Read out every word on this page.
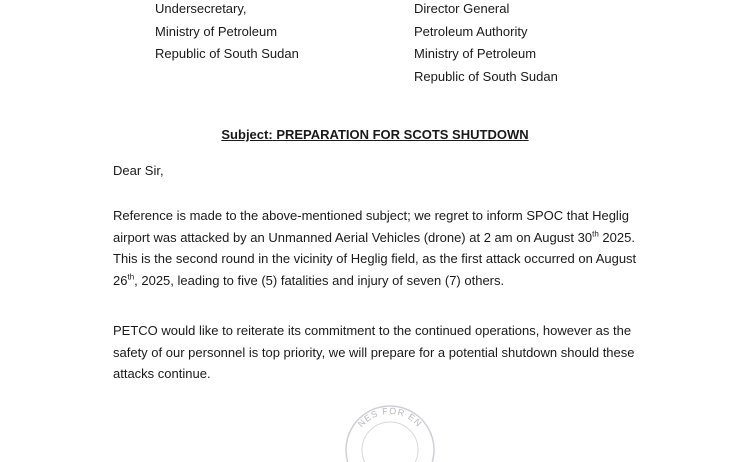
Undersecretary,
Ministry of Petroleum
Republic of South Sudan
Director General
Petroleum Authority
Ministry of Petroleum
Republic of South Sudan
Subject: PREPARATION FOR SCOTS SHUTDOWN
Dear Sir,
Reference is made to the above-mentioned subject; we regret to inform SPOC that Heglig
airport was attacked by an Unmanned Aerial Vehicles (drone) at 2 am on August 30th 2025.
This is the second round in the vicinity of Heglig field, as the first attack occurred on August
26th, 2025, leading to five (5) fatalities and injury of seven (7) others.
PETCO would like to reiterate its commitment to the continued operations, however as the
safety of our personnel is top priority, we will prepare for a potential shutdown should these
attacks continue.
NES FOR EN
